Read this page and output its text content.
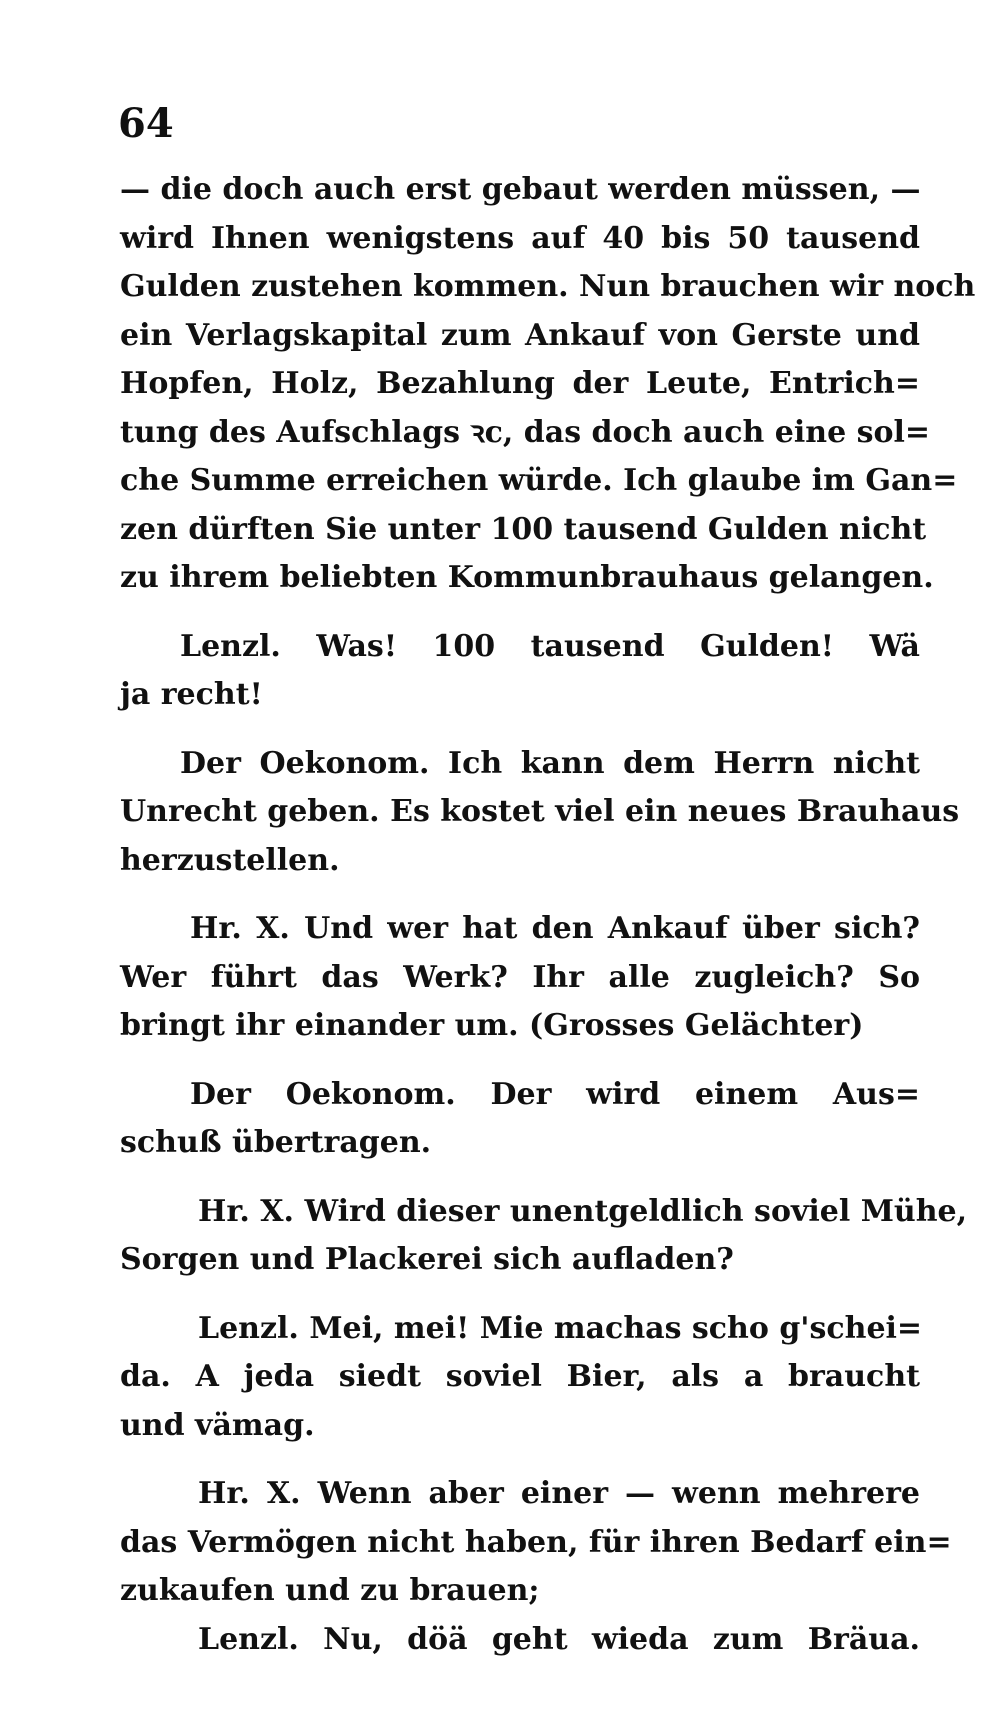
64
— die doch auch erst gebaut werden müssen, —
wird Ihnen wenigstens auf 40 bis 50 tausend
Gulden zustehen kommen. Nun brauchen wir noch
ein Verlagskapital zum Ankauf von Gerste und
Hopfen, Holz, Bezahlung der Leute, Entrich=
tung des Aufschlags ꝛc, das doch auch eine sol=
che Summe erreichen würde. Ich glaube im Gan=
zen dürften Sie unter 100 tausend Gulden nicht
zu ihrem beliebten Kommunbrauhaus gelangen.
Lenzl. Was! 100 tausend Gulden! Wä
ja recht!
Der Oekonom. Ich kann dem Herrn nicht
Unrecht geben. Es kostet viel ein neues Brauhaus
herzustellen.
Hr. X. Und wer hat den Ankauf über sich?
Wer führt das Werk? Ihr alle zugleich? So
bringt ihr einander um. (Grosses Gelächter)
Der Oekonom. Der wird einem Aus=
schuß übertragen.
Hr. X. Wird dieser unentgeldlich soviel Mühe,
Sorgen und Plackerei sich aufladen?
Lenzl. Mei, mei! Mie machas scho g'schei=
da. A jeda siedt soviel Bier, als a braucht
und vämag.
Hr. X. Wenn aber einer — wenn mehrere
das Vermögen nicht haben, für ihren Bedarf ein=
zukaufen und zu brauen;
Lenzl. Nu, döä geht wieda zum Bräua.
